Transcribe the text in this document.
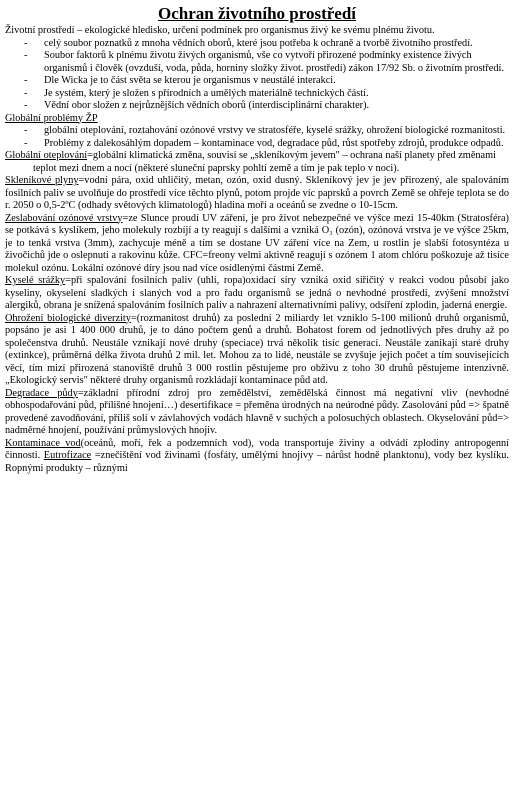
Ochran životního prostředí

Životní prostředí – ekologické hledisko, určení podmínek pro organismus živý ke svému plnému životu.

- celý soubor poznatků z mnoha vědních oborů, které jsou potřeba k ochraně a tvorbě životního prostředí.
- Soubor faktorů k plnému životu živých organismů, vše co vytvoří přirozené podmínky existence živých organismů i člověk (ovzduší, voda, půda, horniny složky život. prostředí) zákon 17/92 Sb. o životním prostředí.
- Dle Wicka je to část světa se kterou je organismus v neustálé interakci.
- Je systém, který je složen s přírodních a umělých materiálně technických částí.
- Vědní obor složen z nejrůznějších vědních oborů (interdisciplinární charakter).

Globální problémy ŽP

- globální oteplování, roztahování ozónové vrstvy ve stratosféře, kyselé srážky, ohrožení biologické rozmanitosti.
- Problémy z dalekosáhlým dopadem – kontaminace vod, degradace půd, růst spotřeby zdrojů, produkce odpadů.

Globální oteplování=globální klimatická změna, souvisí se „skleníkovým jevem" – ochrana naší planety před změnami teplot mezi dnem a nocí (některé sluneční paprsky pohltí země a tím je pak teplo v noci).

Skleníkové plyny=vodní pára, oxid uhličitý, metan, ozón, oxid dusný. Skleníkový jev je jev přirozený, ale spalováním fosilních paliv se uvolňuje do prostředí více těchto plynů, potom projde víc paprsků a povrch Země se ohřeje teplota se do r. 2050 o 0,5-2ºC (odhady světových klimatologů) hladina moří a oceánů se zvedne o 10-15cm.

Zeslabování ozónové vrstvy=ze Slunce proudí UV záření, je pro život nebezpečné ve výšce mezi 15-40km (Stratosféra) se potkává s kyslíkem, jeho molekuly rozbíjí a ty reagují s dalšími a vzniká O₃ (ozón), ozónová vrstva je ve výšce 25km, je to tenká vrstva (3mm), zachycuje méně a tím se dostane UV záření více na Zem, u rostlin je slabší fotosyntéza u živočichů jde o oslepnutí a rakovinu kůže. CFC=freony velmi aktivně reagují s ozónem 1 atom chlóru poškozuje až tisíce molekul ozónu. Lokální ozónové díry jsou nad více osídlenými částmi Země.

Kyselé srážky=při spalování fosilních paliv (uhlí, ropa)oxidací síry vzniká oxid siřičitý v reakci vodou působí jako kyseliny, okyselení sladkých i slaných vod a pro řadu organismů se jedná o nevhodné prostředí, zvýšení množství alergiků, obrana je snížená spalováním fosilních paliv a nahrazení alternativními palivy, odsíření zplodin, jaderná energie.

Ohrožení biologické diverzity=(rozmanitost druhů) za poslední 2 miliardy let vzniklo 5-100 milionů druhů organismů, popsáno je asi 1 400 000 druhů, je to dáno počtem genů a druhů. Bohatost forem od jednotlivých přes druhy až po společenstva druhů. Neustále vznikají nové druhy (speciace) trvá několik tisíc generací. Neustále zanikají staré druhy (extinkce), průměrná délka života druhů 2 mil. let. Mohou za to lidé, neustále se zvyšuje jejich počet a tím souvisejících věcí, tím mizí přirozená stanoviště druhů 3 000 rostlin pěstujeme pro obživu z toho 30 druhů pěstujeme intenzivně. „Ekologický servis" některé druhy organismů rozkládají kontaminace půd atd.

Degradace půdy=základní přírodní zdroj pro zemědělství, zemědělská činnost má negativní vliv (nevhodné obhospodařování půd, přílišné hnojení…) desertifikace = přeměna úrodných na neúrodné půdy. Zasolování půd => špatně provedené zavodňování, příliš solí v závlahových vodách hlavně v suchých a polosuchých oblastech. Okyselování půd=> nadměrné hnojení, používání průmyslových hnojiv.

Kontaminace vod(oceánů, moří, řek a podzemních vod), voda transportuje živiny a odvádí zplodiny antropogenní činnosti. Eutrofizace =znečištění vod živinami (fosfáty, umělými hnojivy – nárůst hodně planktonu), vody bez kyslíku. Ropnými produkty – různými
